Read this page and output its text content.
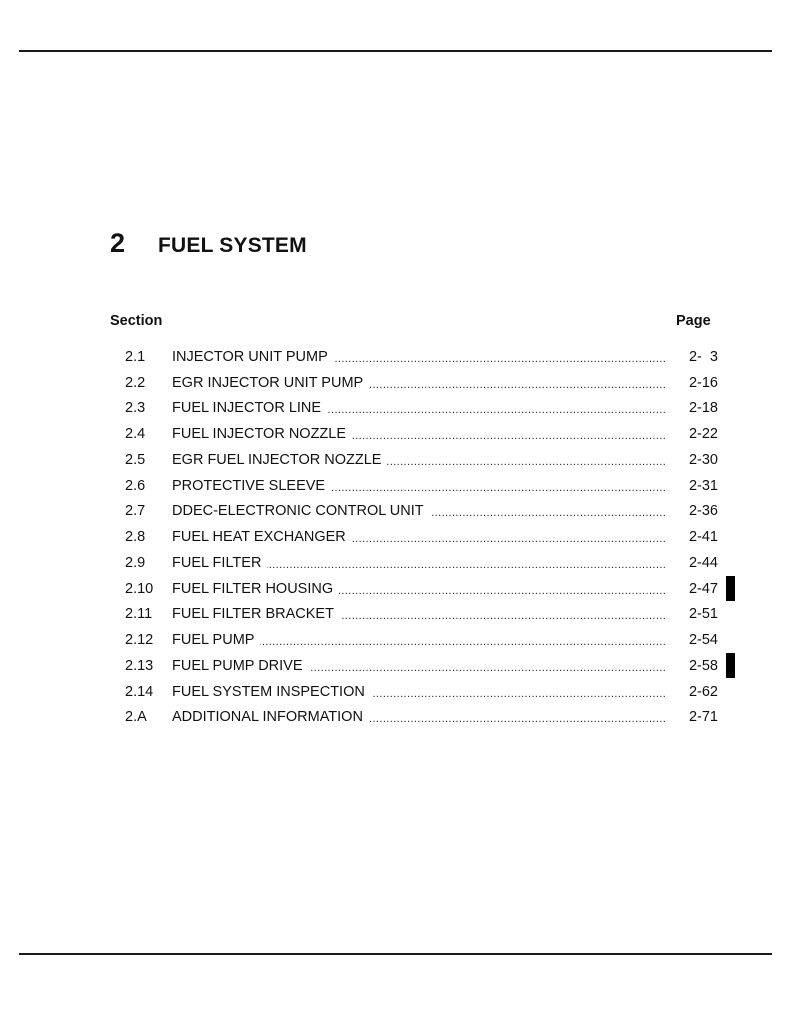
2	FUEL SYSTEM
Section	Page
2.1	INJECTOR UNIT PUMP .....	2-  3
2.2	EGR INJECTOR UNIT PUMP .....	2-16
2.3	FUEL INJECTOR LINE .....	2-18
2.4	FUEL INJECTOR NOZZLE .....	2-22
2.5	EGR FUEL INJECTOR NOZZLE .....	2-30
2.6	PROTECTIVE SLEEVE .....	2-31
2.7	DDEC-ELECTRONIC CONTROL UNIT .....	2-36
2.8	FUEL HEAT EXCHANGER .....	2-41
2.9	FUEL FILTER .....	2-44
2.10	FUEL FILTER HOUSING .....	2-47
2.11	FUEL FILTER BRACKET .....	2-51
2.12	FUEL PUMP .....	2-54
2.13	FUEL PUMP DRIVE .....	2-58
2.14	FUEL SYSTEM INSPECTION .....	2-62
2.A	ADDITIONAL INFORMATION .....	2-71
